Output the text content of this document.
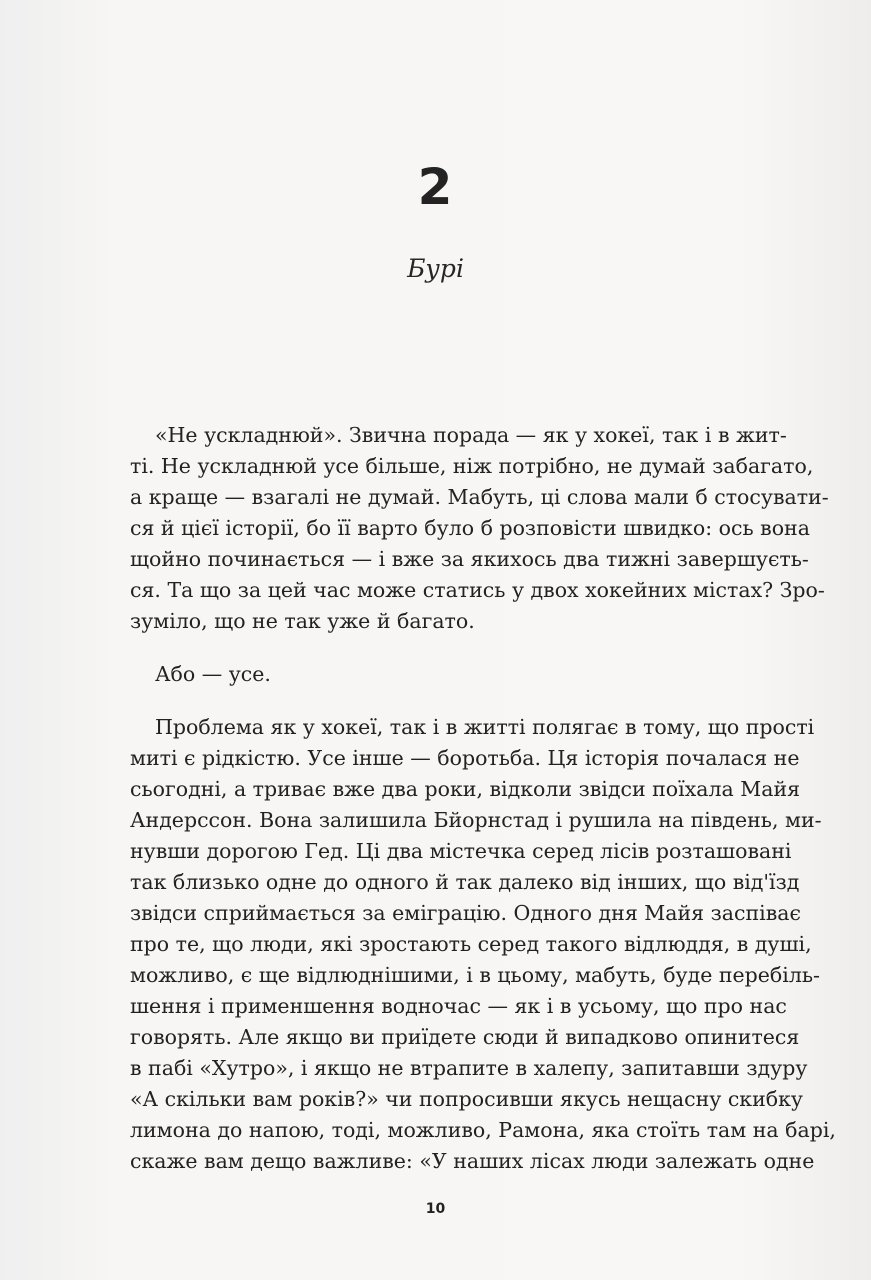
2
Бурі
«Не ускладнюй». Звична порада — як у хокеї, так і в жит-
ті. Не ускладнюй усе більше, ніж потрібно, не думай забагато,
а краще — взагалі не думай. Мабуть, ці слова мали б стосувати-
ся й цієї історії, бо її варто було б розповісти швидко: ось вона
щойно починається — і вже за якихось два тижні завершуєть-
ся. Та що за цей час може статись у двох хокейних містах? Зро-
зуміло, що не так уже й багато.
Або — усе.
Проблема як у хокеї, так і в житті полягає в тому, що прості
миті є рідкістю. Усе інше — боротьба. Ця історія почалася не
сьогодні, а триває вже два роки, відколи звідси поїхала Майя
Андерссон. Вона залишила Бйорнстад і рушила на південь, ми-
нувши дорогою Гед. Ці два містечка серед лісів розташовані
так близько одне до одного й так далеко від інших, що від'їзд
звідси сприймається за еміграцію. Одного дня Майя заспіває
про те, що люди, які зростають серед такого відлюддя, в душі,
можливо, є ще відлюднішими, і в цьому, мабуть, буде перебіль-
шення і применшення водночас — як і в усьому, що про нас
говорять. Але якщо ви приїдете сюди й випадково опинитеся
в пабі «Хутро», і якщо не втрапите в халепу, запитавши здуру
«А скільки вам років?» чи попросивши якусь нещасну скибку
лимона до напою, тоді, можливо, Рамона, яка стоїть там на барі,
скаже вам дещо важливе: «У наших лісах люди залежать одне
10
